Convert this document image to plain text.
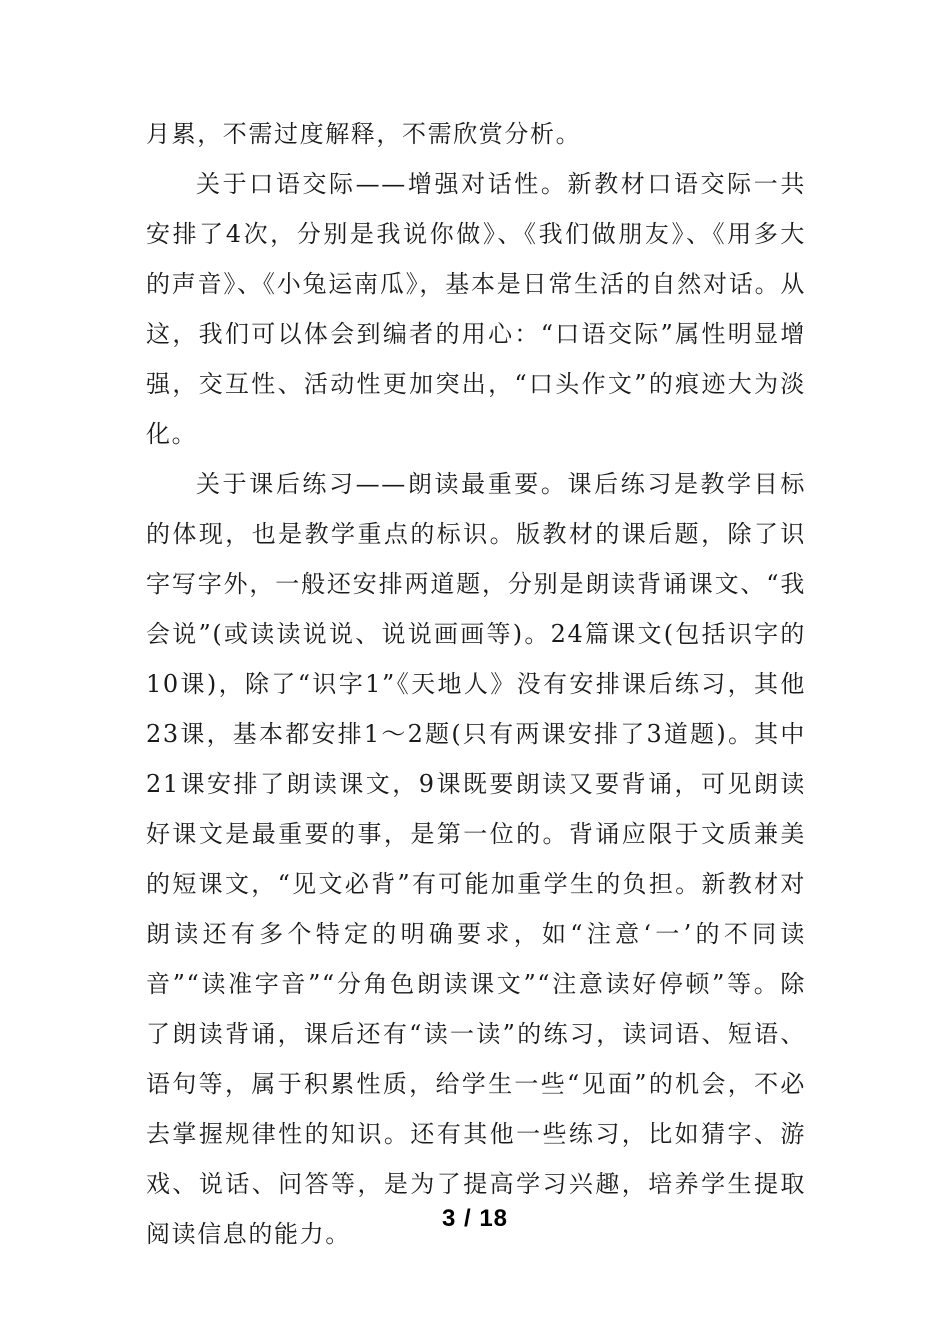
月累，不需过度解释，不需欣赏分析。

关于口语交际——增强对话性。新教材口语交际一共安排了4次，分别是我说你做》、《我们做朋友》、《用多大的声音》、《小兔运南瓜》，基本是日常生活的自然对话。从这，我们可以体会到编者的用心：“口语交际”属性明显增强，交互性、活动性更加突出，“口头作文”的痕迹大为淡化。

关于课后练习——朗读最重要。课后练习是教学目标的体现，也是教学重点的标识。版教材的课后题，除了识字写字外，一般还安排两道题，分别是朗读背诵课文、“我会说”(或读读说说、说说画画等)。24篇课文(包括识字的10课)，除了“识字1”《天地人》没有安排课后练习，其他23课，基本都安排1～2题(只有两课安排了3道题)。其中21课安排了朗读课文，9课既要朗读又要背诵，可见朗读好课文是最重要的事，是第一位的。背诵应限于文质兼美的短课文，“见文必背”有可能加重学生的负担。新教材对朗读还有多个特定的明确要求，如“注意‘一’的不同读音”“读准字音”“分角色朗读课文”“注意读好停顿”等。除了朗读背诵，课后还有“读一读”的练习，读词语、短语、语句等，属于积累性质，给学生一些“见面”的机会，不必去掌握规律性的知识。还有其他一些练习，比如猜字、游戏、说话、问答等，是为了提高学习兴趣，培养学生提取阅读信息的能力。

3 / 18
